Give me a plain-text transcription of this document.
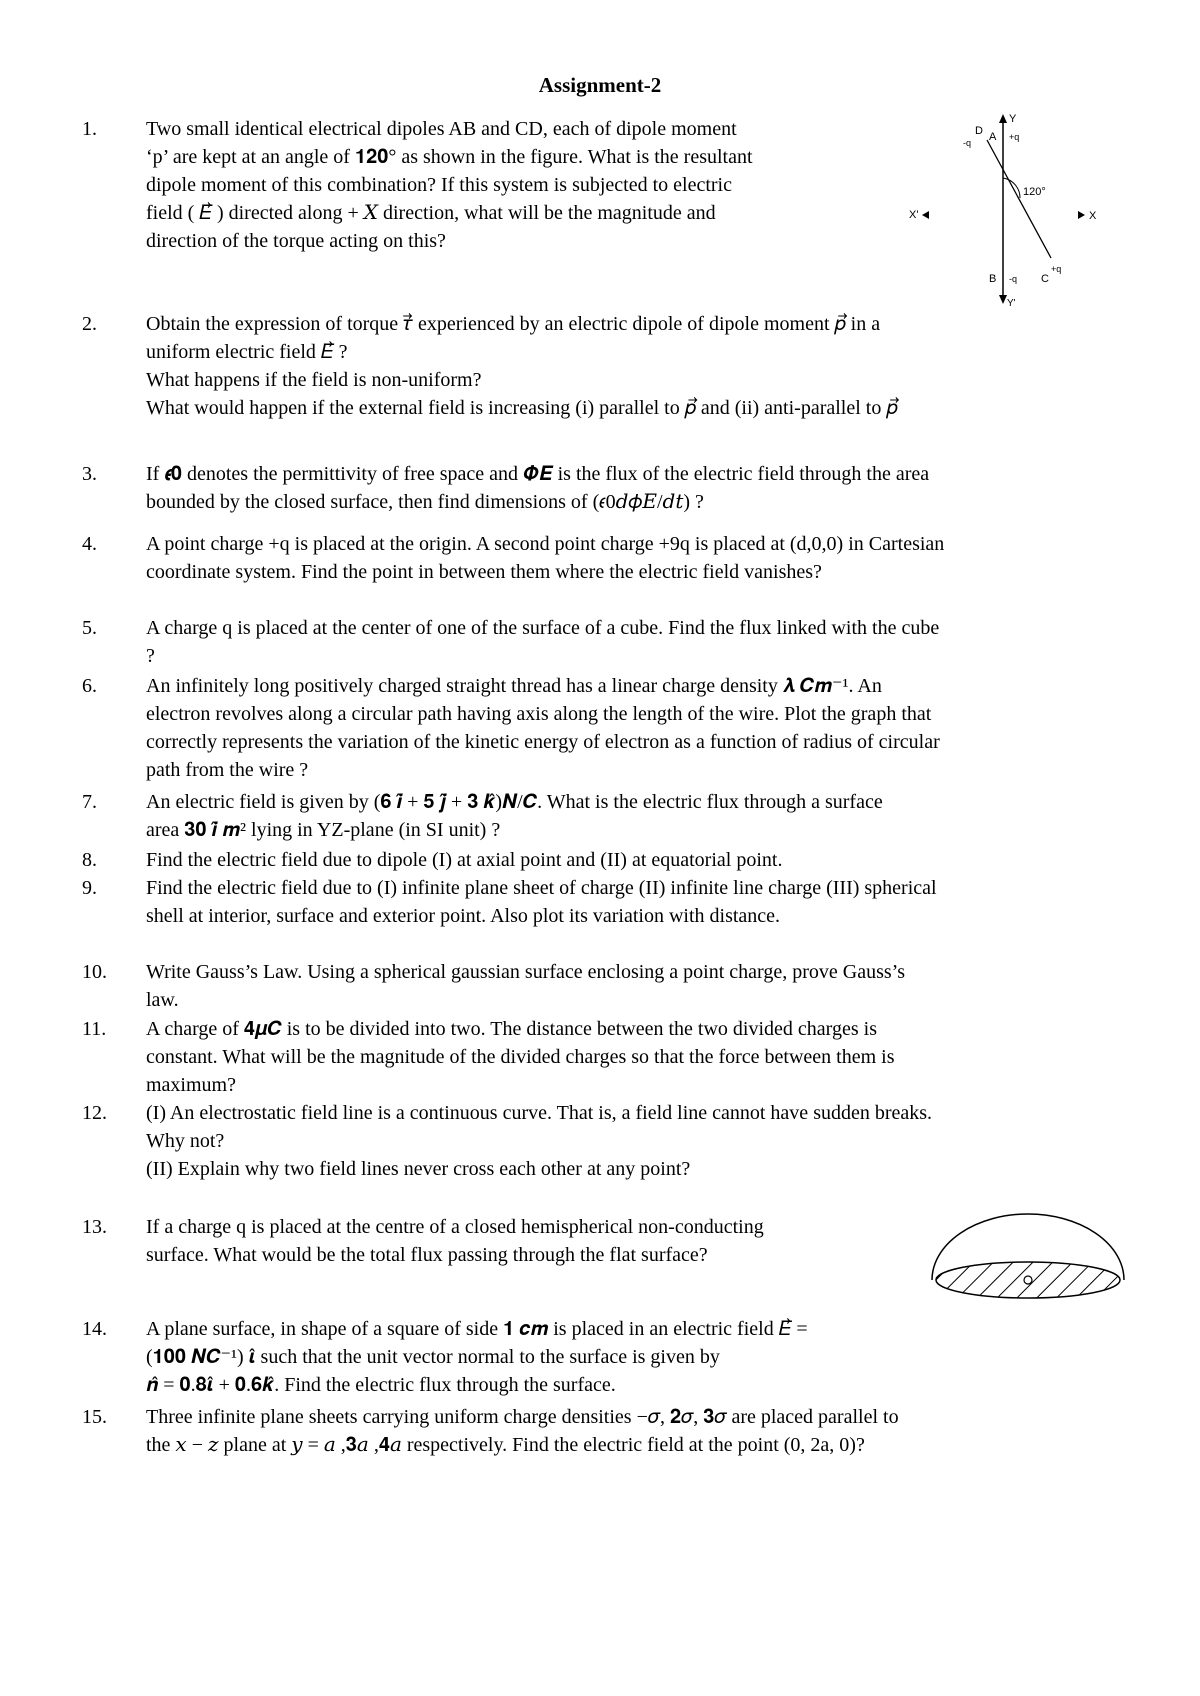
Assignment-2
1. Two small identical electrical dipoles AB and CD, each of dipole moment
‘p’ are kept at an angle of 𝟏𝟐𝟎° as shown in the figure. What is the resultant
dipole moment of this combination? If this system is subjected to electric
field ( 𝐸⃗ ) directed along + 𝑋 direction, what will be the magnitude and
direction of the torque acting on this?
X'	X
Y
Y'
120°
A +q
D
-q
B -q C
+q
2. Obtain the expression of torque 𝜏⃗ experienced by an electric dipole of dipole moment 𝑝⃗ in a
uniform electric field 𝐸⃗ ?
What happens if the field is non-uniform?
What would happen if the external field is increasing (i) parallel to 𝑝⃗ and (ii) anti-parallel to 𝑝⃗
3. If 𝝐𝟎 denotes the permittivity of free space and 𝜱𝑬 is the flux of the electric field through the area
bounded by the closed surface, then find dimensions of (𝜖0𝑑𝜙𝐸/𝑑𝑡) ?
4. A point charge +q is placed at the origin. A second point charge +9q is placed at (d,0,0) in Cartesian
coordinate system. Find the point in between them where the electric field vanishes?
5. A charge q is placed at the center of one of the surface of a cube. Find the flux linked with the cube
?
6. An infinitely long positively charged straight thread has a linear charge density 𝝀 𝑪𝒎⁻¹. An
electron revolves along a circular path having axis along the length of the wire. Plot the graph that
correctly represents the variation of the kinetic energy of electron as a function of radius of circular
path from the wire ?
7. An electric field is given by (𝟔 𝒊̂ + 𝟓 𝒋̂ + 𝟑 𝒌̂)𝑵/𝑪. What is the electric flux through a surface
area 𝟑𝟎 𝒊̂ 𝒎² lying in YZ-plane (in SI unit) ?
8. Find the electric field due to dipole (I) at axial point and (II) at equatorial point.
9. Find the electric field due to (I) infinite plane sheet of charge (II) infinite line charge (III) spherical
shell at interior, surface and exterior point. Also plot its variation with distance.
10. Write Gauss’s Law. Using a spherical gaussian surface enclosing a point charge, prove Gauss’s
law.
11. A charge of 𝟒𝝁𝑪 is to be divided into two. The distance between the two divided charges is
constant. What will be the magnitude of the divided charges so that the force between them is
maximum?
12. (I) An electrostatic field line is a continuous curve. That is, a field line cannot have sudden breaks.
Why not?
(II) Explain why two field lines never cross each other at any point?
13. If a charge q is placed at the centre of a closed hemispherical non-conducting
surface. What would be the total flux passing through the flat surface?
14. A plane surface, in shape of a square of side 𝟏 𝒄𝒎 is placed in an electric field 𝐸⃗ =
(𝟏𝟎𝟎 𝑵𝑪⁻¹) 𝜾̂ such that the unit vector normal to the surface is given by
𝒏̂ = 𝟎.𝟖𝜾̂ + 𝟎.𝟔𝒌̂. Find the electric flux through the surface.
15. Three infinite plane sheets carrying uniform charge densities −𝜎, 𝟐𝜎, 𝟑𝜎 are placed parallel to
the 𝑥 − 𝑧 plane at 𝑦 = 𝑎 ,𝟑𝑎 ,𝟒𝑎 respectively. Find the electric field at the point (0, 2a, 0)?
